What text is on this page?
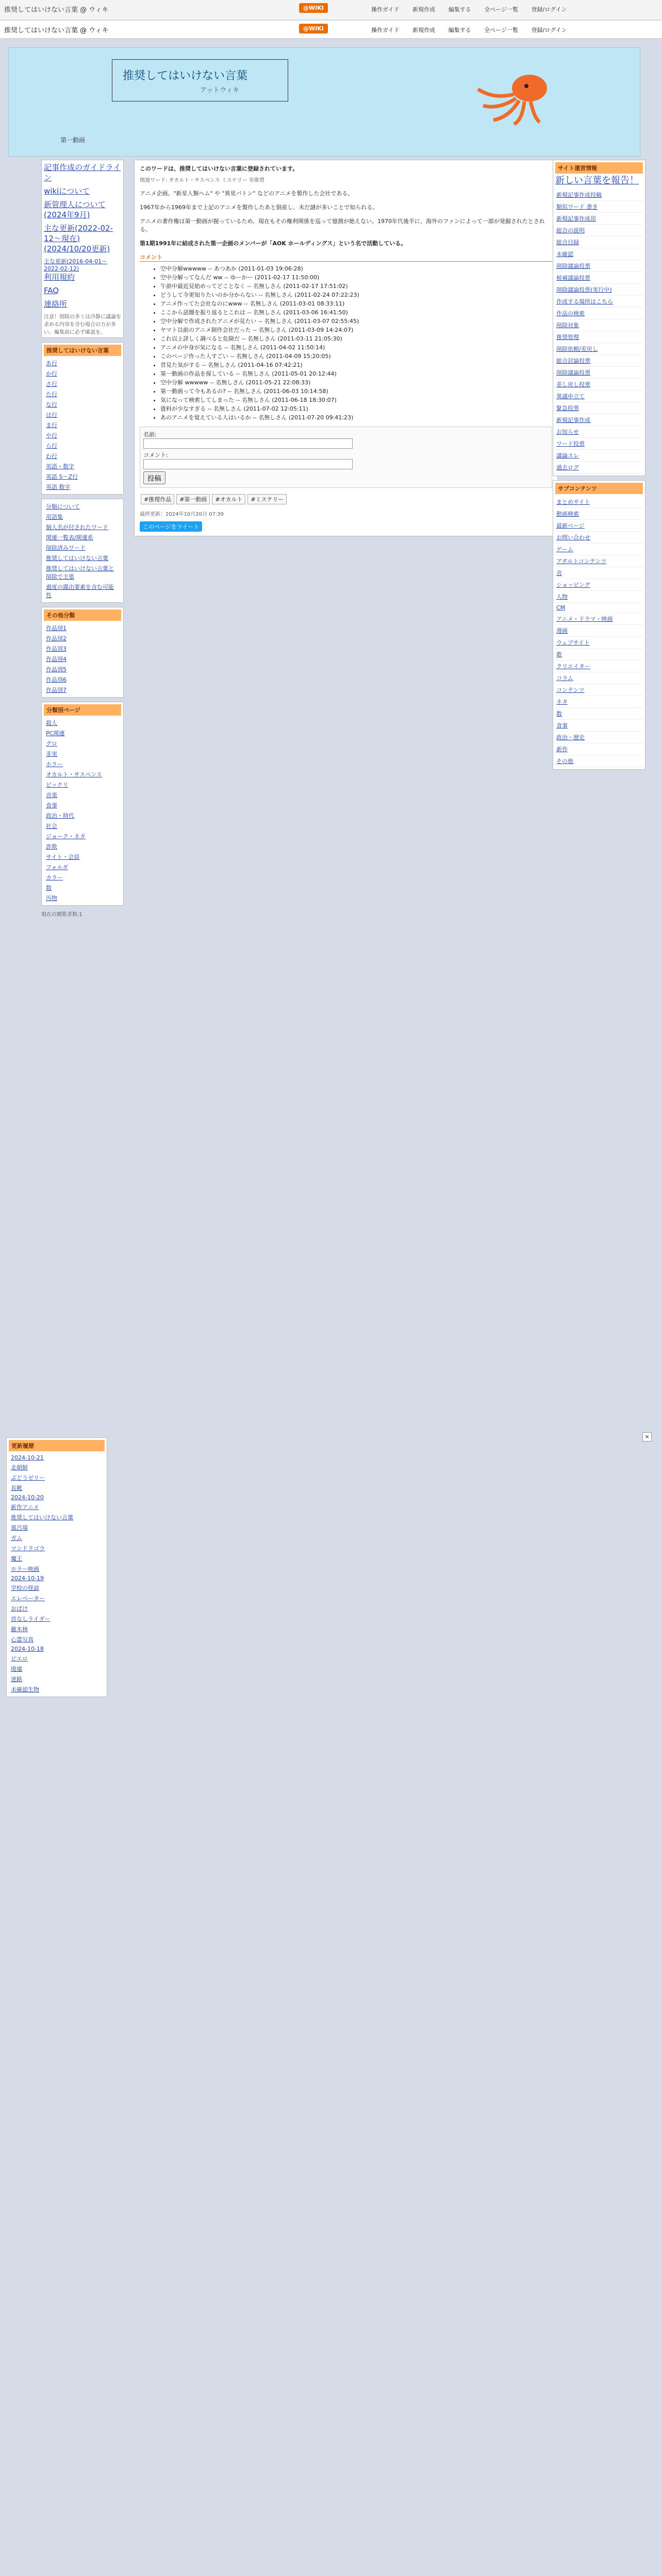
推奨してはいけない言葉 @ ウィキ	@WIKI	操作ガイド 新規作成 編集する 全ページ一覧 登録/ログイン
推奨してはいけない言葉 @ ウィキ	@WIKI	操作ガイド 新規作成 編集する 全ページ一覧 登録/ログイン
推奨してはいけない言葉
アットウィキ
第一動画
記事作成のガイドライン
wikiについて
新管理人について(2024年9月)
主な更新(2022-02-12～現在)(2024/10/20更新)
主な更新(2016-04-01～2022-02-12)
利用規約
FAQ
連絡所
注意！削除の多くは冷静に議論を求める内容を含む場合の方が多い。編集前に必ず確認を。
推奨してはいけない言葉
あ行
か行
さ行
た行
な行
は行
ま行
や行
ら行
わ行
英語・数字
英語 S～Z行
英語 数字
分類について
用語集
個人名が付されたワード
関連一覧表/関連系
削除済みワード
推奨してはいけない言葉
推奨してはいけない言葉と削除で主張
過度の露出要素を含む可能性
その他分類
作品別1
作品別2
作品別3
作品別4
作品別5
作品別6
作品別7
分類別ページ
殺人
PC関連
グロ
非実
ホラー
オカルト・サスペンス
ビックリ
音楽
食事
政治・時代
社会
ジョーク・ネタ
詐欺
サイト・会員
フォルダ
カラー
数
汚物
現在の閲覧者数:1
このワードは、推奨してはいけない言葉に登録されています。
関連ワード: オカルト・サスペンス ミステリー 非推奨

アニメ企画。"新星人類ヘム" や "異星バトン" などのアニメを製作した会社である。

1967年から1969年まで上記のアニメを製作したあと倒産し、未だ謎が多いことで知られる。

アニメの著作権は第一動画が握っているため、現在もその権利関係を巡って憶測が絶えない。1970年代後半に、海外のファンによって一部が発掘されたとされる。

第1期1991年に結成された第一企画のメンバーが「AOK ホールディングス」という名で活動している。

コメント
• 空中分解wwwww -- あつあか (2011-01-03 19:06:28)
• 空中分解ってなんだ ww -- ゆーかー (2011-02-17 11:50:00)
• 午前中最近見始めってどことなく -- 名無しさん (2011-02-17 17:51:02)
• どうして今更知りたいのか分からない -- 名無しさん (2011-02-24 07:22:23)
• アニメ作ってた会社なのにwww -- 名無しさん (2011-03-01 08:33:11)
• ここから話題を振り返るとこれは -- 名無しさん (2011-03-06 16:41:50)
• 空中分解で作成されたアニメが見たい -- 名無しさん (2011-03-07 02:55:45)
• ヤマト以前のアニメ制作会社だった -- 名無しさん (2011-03-09 14:24:07)
• これ以上詳しく調べると危険だ -- 名無しさん (2011-03-11 21:05:30)
• アニメの中身が気になる -- 名無しさん (2011-04-02 11:50:14)
• このページ作った人すごい -- 名無しさん (2011-04-09 15:20:05)
• 昔見た気がする -- 名無しさん (2011-04-16 07:42:21)
• 第一動画の作品を探している -- 名無しさん (2011-05-01 20:12:44)
• 空中分解 wwwww -- 名無しさん (2011-05-21 22:08:33)
• 第一動画って今もあるの? -- 名無しさん (2011-06-03 10:14:58)
• 気になって検索してしまった -- 名無しさん (2011-06-18 18:30:07)
• 資料が少なすぎる -- 名無しさん (2011-07-02 12:05:11)
• あのアニメを覚えている人はいるか -- 名無しさん (2011-07-20 09:41:23)
名前:

コメント:

投稿
#推理作品 #第一動画 #オカルト #ミステリー
最終更新：2024年10月20日 07:39
このページをツイート
サイト運営情報
新しい言葉を報告！
新規記事作成投稿
類似ワード 書き
新規記事作成用
総合の説明
総合目録
未確認
削除議論投票
候補議論投票
削除議論投票(実行中)
作成する場所はこちら
作品の検索
削除対象
推奨管理
削除依頼/差戻し
総合討論投票
削除議論投票
差し戻し投票
異議申立て
緊急投票
新規記事作成
お知らせ
ワード投票
議論スレ
過去ログ
サブコンテンツ
まとめサイト
動画検索
最新ページ
お問い合わせ
ゲーム
アダルトコンテンツ
音
ショッピング
人物
CM
アニメ・ドラマ・映画
漫画
ウェブサイト
歌
クリエイター
コラム
コンテンツ
ネタ
数
食事
政治・歴史
新作
その他
×
更新履歴
2024-10-21
北朝鮮
ぶどうゼリー
長靴
2024-10-20
新作アニメ
推奨してはいけない言葉
風呂場
ガム
マンドラゴラ
魔王
ホラー映画
2024-10-19
学校の怪談
エレベーター
おばけ
首なしライダー
雑木林
心霊写真
2024-10-18
ピエロ
廃墟
迷路
未確認生物
